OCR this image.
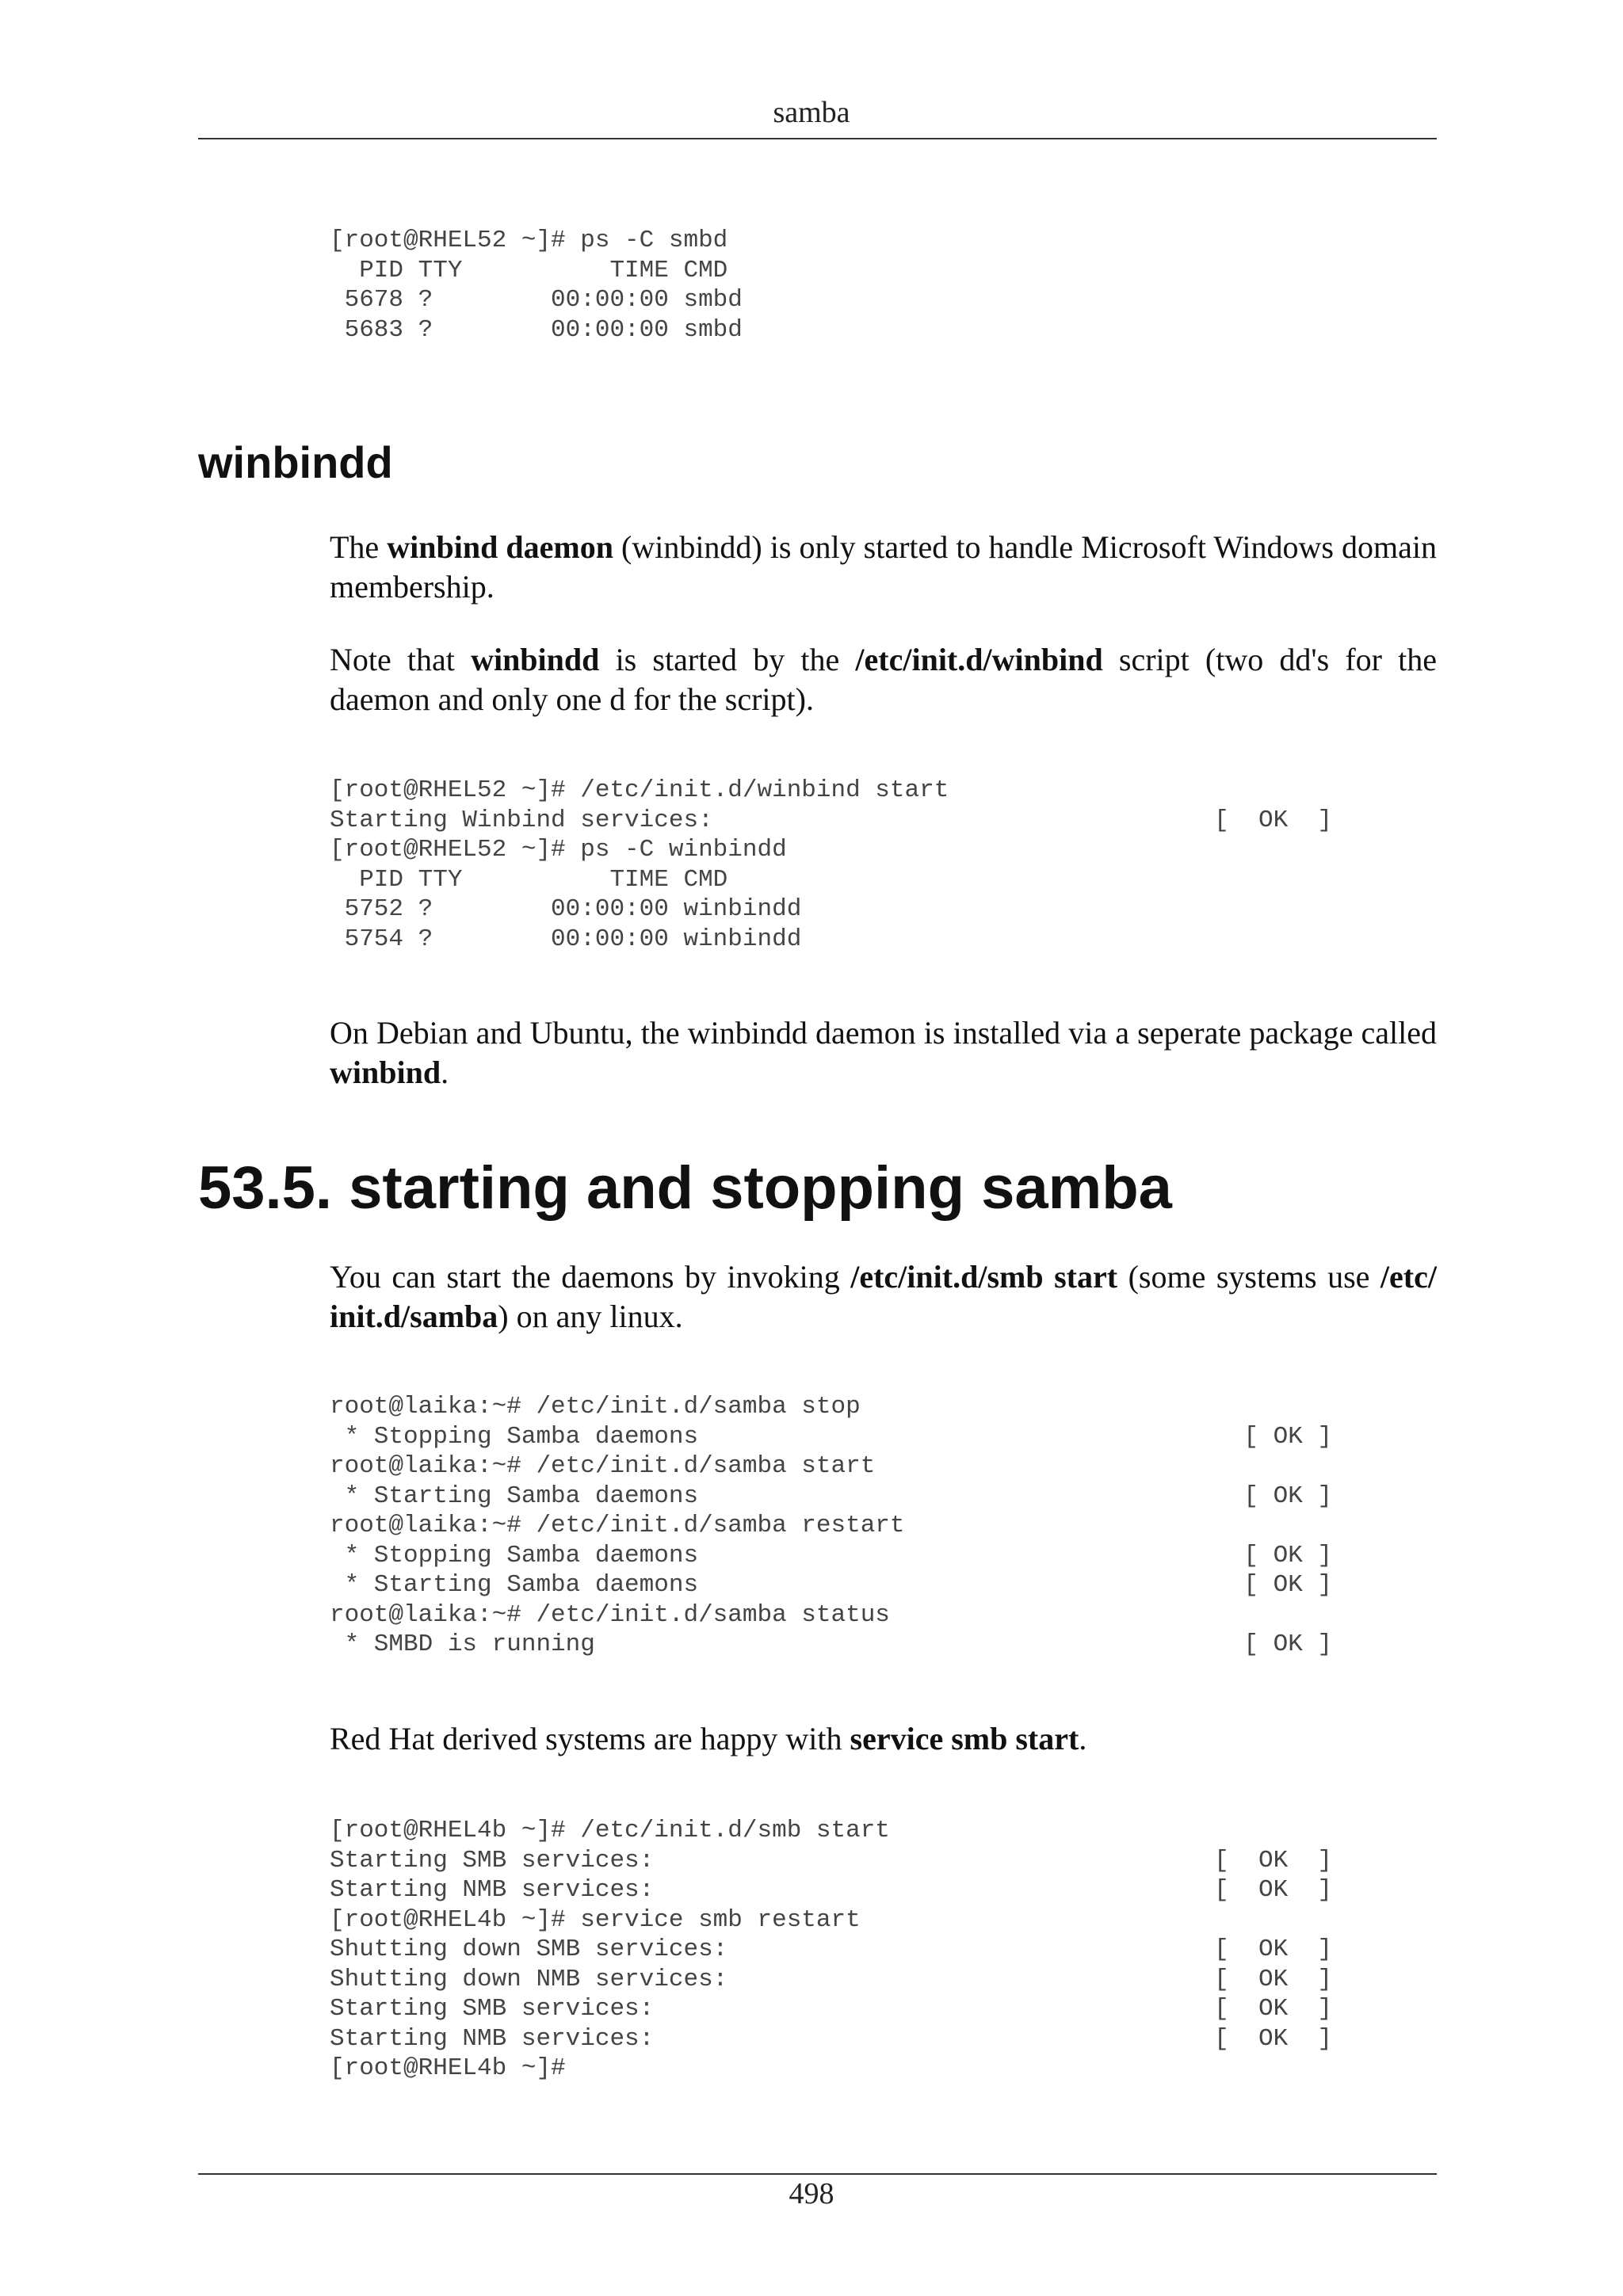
samba
[root@RHEL52 ~]# ps -C smbd
PID TTY          TIME CMD
5678 ?        00:00:00 smbd
5683 ?        00:00:00 smbd
winbindd

The winbind daemon (winbindd) is only started to handle Microsoft Windows domain membership.

Note that winbindd is started by the /etc/init.d/winbind script (two dd's for the daemon and only one d for the script).

[root@RHEL52 ~]# /etc/init.d/winbind start
Starting Winbind services:                                  [  OK  ]
[root@RHEL52 ~]# ps -C winbindd
PID TTY          TIME CMD
5752 ?        00:00:00 winbindd
5754 ?        00:00:00 winbindd

On Debian and Ubuntu, the winbindd daemon is installed via a seperate package called winbind.

53.5. starting and stopping samba

You can start the daemons by invoking /etc/init.d/smb start (some systems use /etc/ init.d/samba) on any linux.

root@laika:~# /etc/init.d/samba stop
* Stopping Samba daemons                                     [ OK ]
root@laika:~# /etc/init.d/samba start
* Starting Samba daemons                                     [ OK ]
root@laika:~# /etc/init.d/samba restart
* Stopping Samba daemons                                     [ OK ]
* Starting Samba daemons                                     [ OK ]
root@laika:~# /etc/init.d/samba status
* SMBD is running                                            [ OK ]

Red Hat derived systems are happy with service smb start.

[root@RHEL4b ~]# /etc/init.d/smb start
Starting SMB services:                                      [  OK  ]
Starting NMB services:                                      [  OK  ]
[root@RHEL4b ~]# service smb restart
Shutting down SMB services:                                 [  OK  ]
Shutting down NMB services:                                 [  OK  ]
Starting SMB services:                                      [  OK  ]
Starting NMB services:                                      [  OK  ]
[root@RHEL4b ~]#
498
